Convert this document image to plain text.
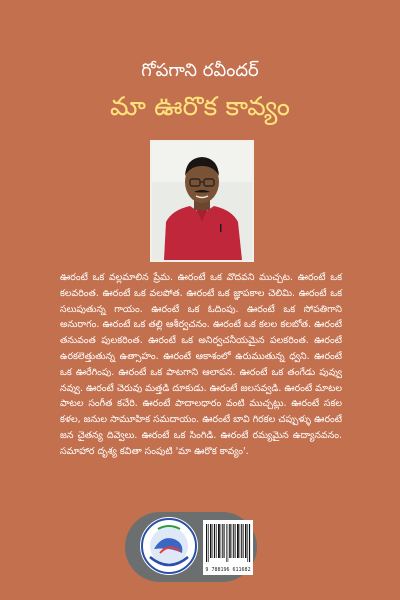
గోపగాని రవీందర్
మా ఊరొక కావ్యం

ఊరంటే ఒక వల్లమాలిన ప్రేమ. ఊరంటే ఒక వొదవని ముచ్చట. ఊరంటే ఒక కలవరింత. ఊరంటే ఒక వలపోత. ఊరంటే ఒక జ్ఞాపకాల చెలిమి. ఊరంటే ఒక సలుపుతున్న గాయం. ఊరంటే ఒక ఓదింపు. ఊరంటే ఒక సోపతిగాని అనురాగం. ఊరంటే ఒక తల్లి ఆశీర్వచనం. ఊరంటే ఒక కలల కలబోత. ఊరంటే తనువంత పులకరింత. ఊరంటే ఒక అనిర్వచనీయమైన పలకరింత. ఊరంటే ఉరకలెత్తుతున్న ఉత్సాహం. ఊరంటే ఆకాశంలో ఉరుముతున్న ధ్వని. ఊరంటే ఒక ఊరేగింపు. ఊరంటే ఒక పాటగాని ఆలాపన. ఊరంటే ఒక తంగేడు పువ్వు నవ్వు. ఊరంటే చెరువు మత్తడి దూకుడు. ఊరంటే జలసవ్వడి. ఊరంటే మాటల పాటల సంగీత కచేరి. ఊరంటే పాదాలధారం వంటి ముచ్చట్లు. ఊరంటే సకల కళల, జనుల సామూహిక సమదాయం. ఊరంటే బావి గిరకల చప్పుళ్ళు ఊరంటే జన చైతన్య దివ్వెలు. ఊరంటే ఒక సింగిడి. ఊరంటే రమ్యమైన ఉద్యానవనం. సమాహార దృశ్య కవితా సంపుటి 'మా ఊరొక కావ్యం'.

9 788196 611682
